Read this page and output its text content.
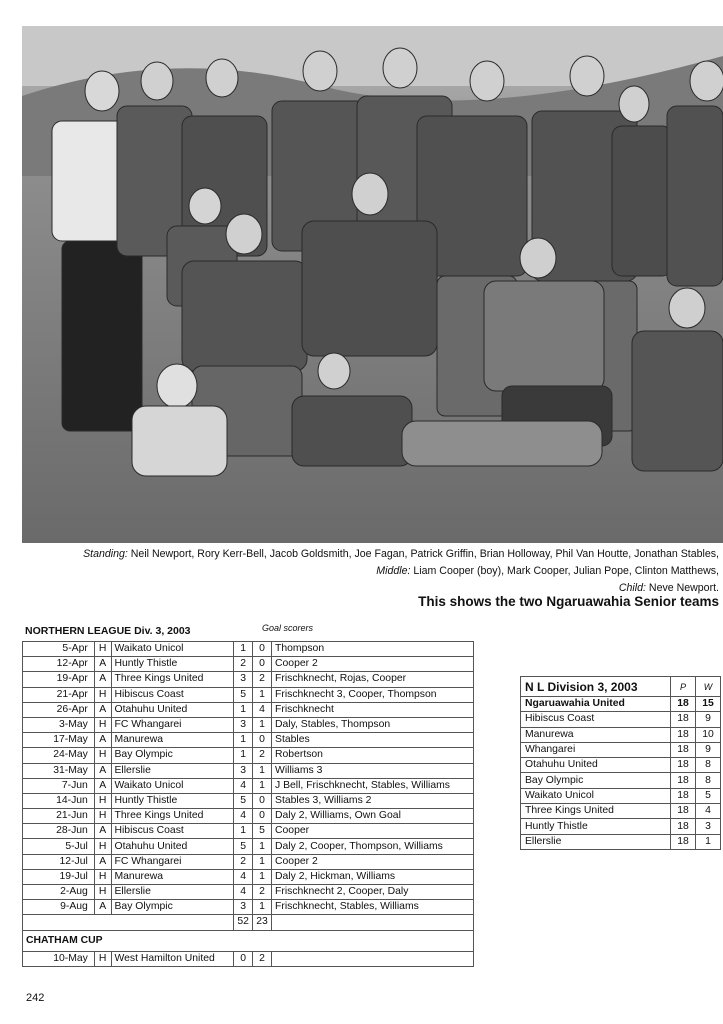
Standing: Neil Newport, Rory Kerr-Bell, Jacob Goldsmith, Joe Fagan, Patrick Griffin, Brian Holloway, Phil Van Houtte, Jonathan Stables,
Middle: Liam Cooper (boy), Mark Cooper, Julian Pope, Clinton Matthews,
Child: Neve Newport.
This shows the two Ngaruawahia Senior teams
NORTHERN LEAGUE Div. 3, 2003	Goal scorers
5-Apr	H	Waikato Unicol	1	0	Thompson
12-Apr	A	Huntly Thistle	2	0	Cooper 2
19-Apr	A	Three Kings United	3	2	Frischknecht, Rojas, Cooper
21-Apr	H	Hibiscus Coast	5	1	Frischknecht 3, Cooper, Thompson
26-Apr	A	Otahuhu United	1	4	Frischknecht
3-May	H	FC Whangarei	3	1	Daly, Stables, Thompson
17-May	A	Manurewa	1	0	Stables
24-May	H	Bay Olympic	1	2	Robertson
31-May	A	Ellerslie	3	1	Williams 3
7-Jun	A	Waikato Unicol	4	1	J Bell, Frischknecht, Stables, Williams
14-Jun	H	Huntly Thistle	5	0	Stables 3, Williams 2
21-Jun	H	Three Kings United	4	0	Daly 2, Williams, Own Goal
28-Jun	A	Hibiscus Coast	1	5	Cooper
5-Jul	H	Otahuhu United	5	1	Daly 2, Cooper, Thompson, Williams
12-Jul	A	FC Whangarei	2	1	Cooper 2
19-Jul	H	Manurewa	4	1	Daly 2, Hickman, Williams
2-Aug	H	Ellerslie	4	2	Frischknecht 2, Cooper, Daly
9-Aug	A	Bay Olympic	3	1	Frischknecht, Stables, Williams
			52	23	
CHATHAM CUP					
10-May	H	West Hamilton United	0	2	
N L Division 3, 2003	P	W
Ngaruawahia United	18	15
Hibiscus Coast	18	9
Manurewa	18	10
Whangarei	18	9
Otahuhu United	18	8
Bay Olympic	18	8
Waikato Unicol	18	5
Three Kings United	18	4
Huntly Thistle	18	3
Ellerslie	18	1
242
